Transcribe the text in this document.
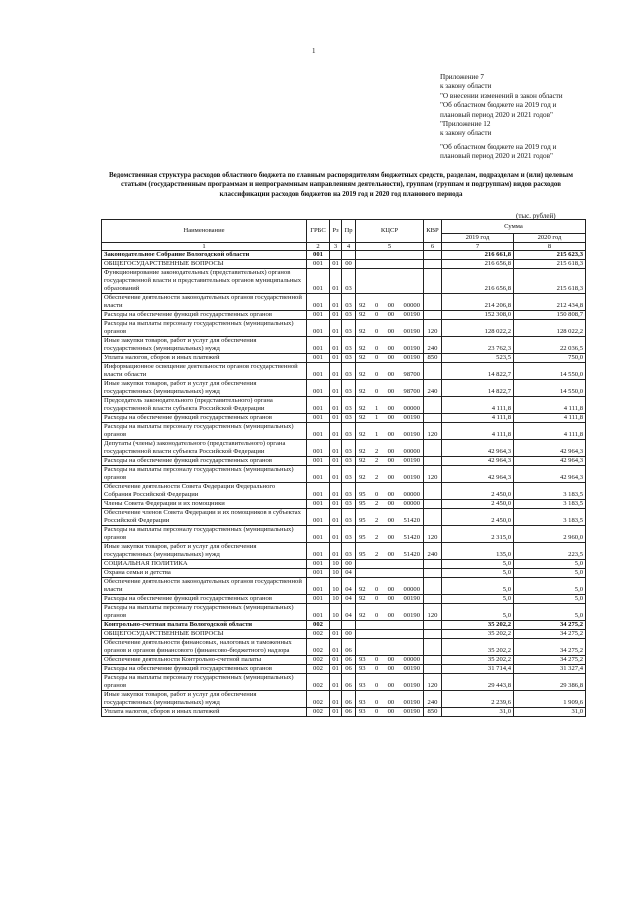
1
Приложение 7
к закону области
"О внесении изменений в закон области
"Об областном бюджете на 2019 год и
плановый период 2020 и 2021 годов"
"Приложение 12
к закону области
"Об областном бюджете на 2019 год и
плановый период 2020 и 2021 годов"
Ведомственная структура расходов областного бюджета по главным распорядителям бюджетных средств, разделам, подразделам и (или) целевым статьям (государственным программам и непрограммным направлениям деятельности), группам (группам и подгруппам) видов расходов классификации расходов бюджетов на 2019 год и 2020 год планового периода
(тыс. рублей)
Наименование	ГРБС	Рз	Пр	КЦСР	КВР	Сумма	
						2019 год	2020 год
1	2	3	4	5	6	7	8
Законодательное Собрание Вологодской области	001					216 661,8	215 623,3
ОБЩЕГОСУДАРСТВЕННЫЕ ВОПРОСЫ	001	01	00			216 656,8	215 618,3
Функционирование законодательных (представительных) органов государственной власти и представительных органов муниципальных образований	001	01	03			216 656,8	215 618,3
Обеспечение деятельности законодательных органов государственной власти	001	01	03	92 0 00 00000		214 206,8	212 434,8
Расходы на обеспечение функций государственных органов	001	01	03	92 0 00 00190		152 308,0	150 808,7
Расходы на выплаты персоналу государственных (муниципальных) органов	001	01	03	92 0 00 00190	120	128 022,2	128 022,2
Иные закупки товаров, работ и услуг для обеспечения государственных (муниципальных) нужд	001	01	03	92 0 00 00190	240	23 762,3	22 036,5
Уплата налогов, сборов и иных платежей	001	01	03	92 0 00 00190	850	523,5	750,0
Информационное освещение деятельности органов государственной власти области	001	01	03	92 0 00 98700		14 822,7	14 550,0
Иные закупки товаров, работ и услуг для обеспечения государственных (муниципальных) нужд	001	01	03	92 0 00 98700	240	14 822,7	14 550,0
Председатель законодательного (представительного) органа государственной власти субъекта Российской Федерации	001	01	03	92 1 00 00000		4 111,8	4 111,8
Расходы на обеспечение функций государственных органов	001	01	03	92 1 00 00190		4 111,8	4 111,8
Расходы на выплаты персоналу государственных (муниципальных) органов	001	01	03	92 1 00 00190	120	4 111,8	4 111,8
Депутаты (члены) законодательного (представительного) органа государственной власти субъекта Российской Федерации	001	01	03	92 2 00 00000		42 964,3	42 964,3
Расходы на обеспечение функций государственных органов	001	01	03	92 2 00 00190		42 964,3	42 964,3
Расходы на выплаты персоналу государственных (муниципальных) органов	001	01	03	92 2 00 00190	120	42 964,3	42 964,3
Обеспечение деятельности Совета Федерации Федерального Собрания Российской Федерации	001	01	03	95 0 00 00000		2 450,0	3 183,5
Члены Совета Федерации и их помощники	001	01	03	95 2 00 00000		2 450,0	3 183,5
Обеспечение членов Совета Федерации и их помощников в субъектах Российской Федерации	001	01	03	95 2 00 51420		2 450,0	3 183,5
Расходы на выплаты персоналу государственных (муниципальных) органов	001	01	03	95 2 00 51420	120	2 315,0	2 960,0
Иные закупки товаров, работ и услуг для обеспечения государственных (муниципальных) нужд	001	01	03	95 2 00 51420	240	135,0	223,5
СОЦИАЛЬНАЯ ПОЛИТИКА	001	10	00			5,0	5,0
Охрана семьи и детства	001	10	04			5,0	5,0
Обеспечение деятельности законодательных органов государственной власти	001	10	04	92 0 00 00000		5,0	5,0
Расходы на обеспечение функций государственных органов	001	10	04	92 0 00 00190		5,0	5,0
Расходы на выплаты персоналу государственных (муниципальных) органов	001	10	04	92 0 00 00190	120	5,0	5,0
Контрольно-счетная палата Вологодской области	002					35 202,2	34 275,2
ОБЩЕГОСУДАРСТВЕННЫЕ ВОПРОСЫ	002	01	00			35 202,2	34 275,2
Обеспечение деятельности финансовых, налоговых и таможенных органов и органов финансового (финансово-бюджетного) надзора	002	01	06			35 202,2	34 275,2
Обеспечение деятельности Контрольно-счетной палаты	002	01	06	93 0 00 00000		35 202,2	34 275,2
Расходы на обеспечение функций государственных органов	002	01	06	93 0 00 00190		31 714,4	31 327,4
Расходы на выплаты персоналу государственных (муниципальных) органов	002	01	06	93 0 00 00190	120	29 443,8	29 386,8
Иные закупки товаров, работ и услуг для обеспечения государственных (муниципальных) нужд	002	01	06	93 0 00 00190	240	2 239,6	1 909,6
Уплата налогов, сборов и иных платежей	002	01	06	93 0 00 00190	850	31,0	31,0
